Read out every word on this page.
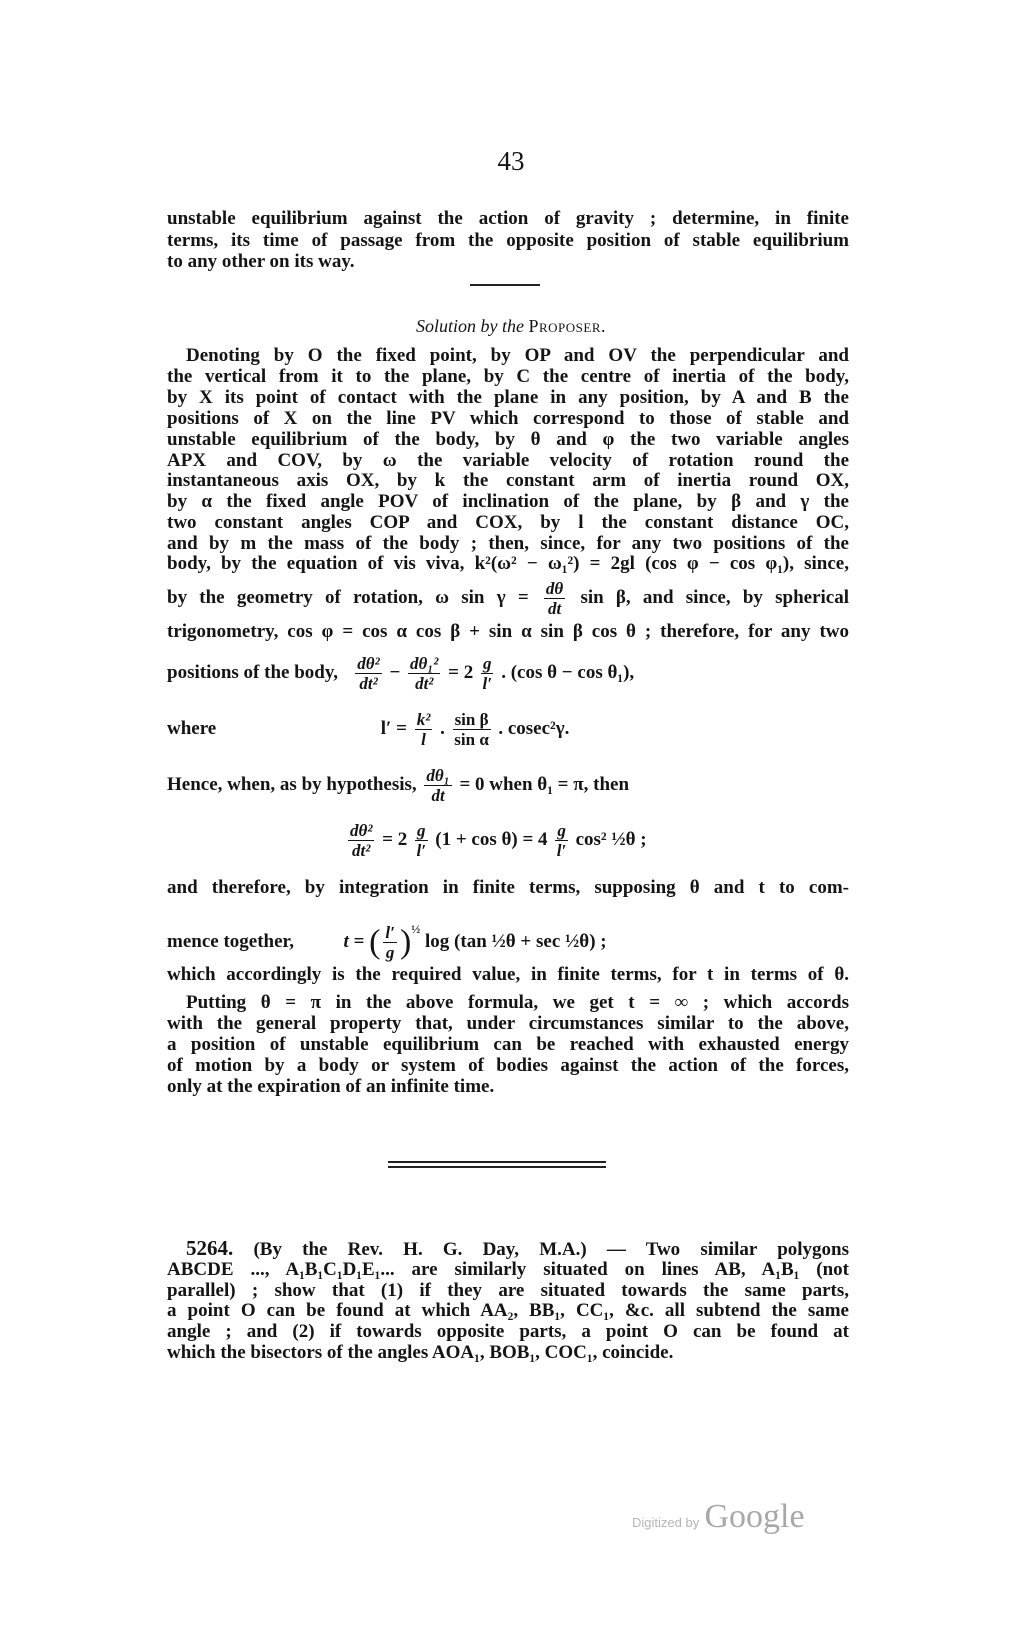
43
unstable equilibrium against the action of gravity ; determine, in finite
terms, its time of passage from the opposite position of stable equilibrium
to any other on its way.
Solution by the Proposer.
Denoting by O the fixed point, by OP and OV the perpendicular and
the vertical from it to the plane, by C the centre of inertia of the body,
by X its point of contact with the plane in any position, by A and B the
positions of X on the line PV which correspond to those of stable and
unstable equilibrium of the body, by θ and φ the two variable angles
APX and COV, by ω the variable velocity of rotation round the
instantaneous axis OX, by k the constant arm of inertia round OX,
by α the fixed angle POV of inclination of the plane, by β and γ the
two constant angles COP and COX, by l the constant distance OC,
and by m the mass of the body ; then, since, for any two positions of the
body, by the equation of vis viva, k²(ω² − ω₁²) = 2gl (cos φ − cos φ₁), since,
by the geometry of rotation, ω $\sin \gamma = \frac{d\theta}{dt}$ sin β, and since, by spherical
trigonometry, cos φ = cos α cos β + sin α sin β cos θ ; therefore, for any two
positions of the body, $\frac{\text{dθ²}}{\text{dt²}} - \frac{\text{dθ₁²}}{\text{dt²}} = 2 \frac{g}{l'}$ . (cos θ − cos θ₁),
where	$l' = \frac{\text{k²}}{l}$ . $\frac{\text{sin β}}{\text{sin α}}$ . cosec²γ.
Hence, when, as by hypothesis, $\frac{\text{dθ₁}}{dt} = 0$ when θ₁ = π, then
$\frac{\text{dθ²}}{\text{dt²}} = 2 \frac{g}{l'} (1 + \cos \theta) = 4 \frac{g}{l'} \cos^2$ ½θ ;
and therefore, by integration in finite terms, supposing θ and t to com-
mence together,	t = ( $\frac{l'}{g} )^{\frac{1}{2}}$ log (tan ½θ + sec ½θ) ;
which accordingly is the required value, in finite terms, for t in terms of θ.
Putting θ = π in the above formula, we get t = ∞ ; which accords
with the general property that, under circumstances similar to the above,
a position of unstable equilibrium can be reached with exhausted energy
of motion by a body or system of bodies against the action of the forces,
only at the expiration of an infinite time.
5264. (By the Rev. H. G. Day, M.A.) — Two similar polygons
ABCDE ..., A₁B₁C₁D₁E₁... are similarly situated on lines AB, A₁B₁ (not
parallel) ; show that (1) if they are situated towards the same parts,
a point O can be found at which AA₂, BB₁, CC₁, &c. all subtend the same
angle ; and (2) if towards opposite parts, a point O can be found at
which the bisectors of the angles AOA₁, BOB₁, COC₁, coincide.
Digitized by Google
